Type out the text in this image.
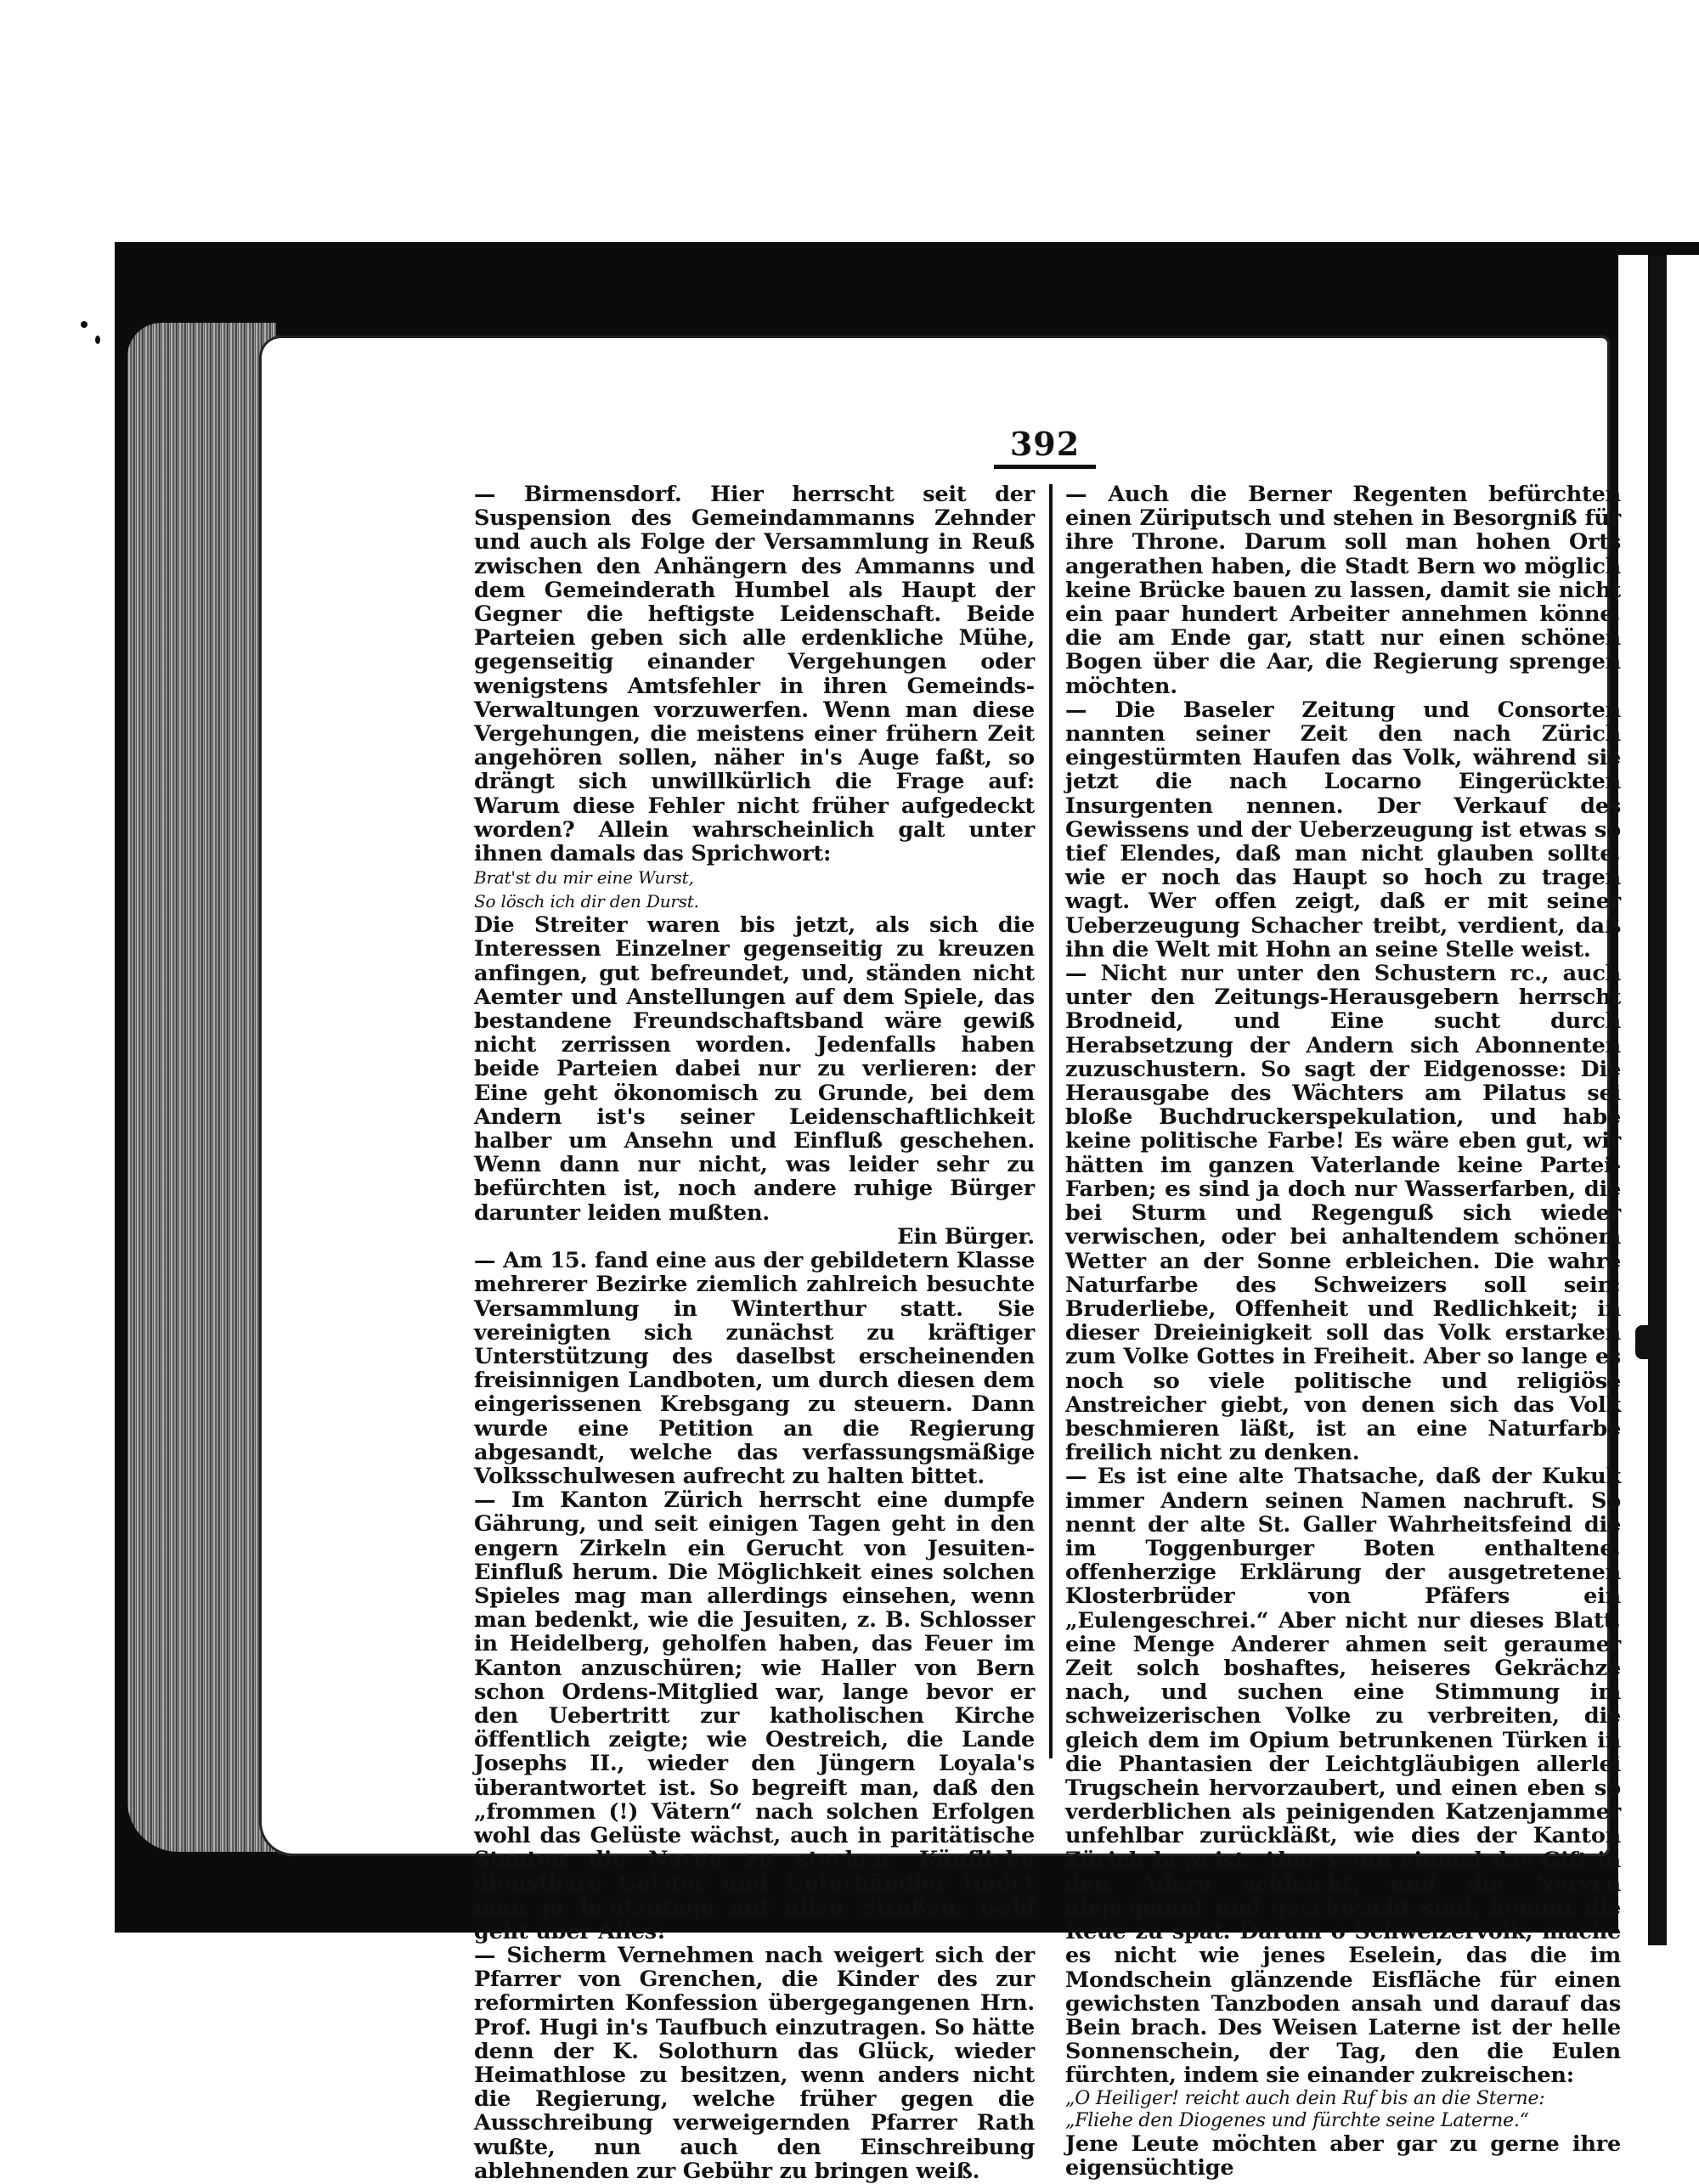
392

— Birmensdorf. Hier herrscht seit der Suspension des Gemeindammanns Zehnder und auch als Folge der Versammlung in Reuß zwischen den Anhängern des Ammanns und dem Gemeinderath Humbel als Haupt der Gegner die heftigste Leidenschaft. Beide Parteien geben sich alle erdenkliche Mühe, gegenseitig einander Vergehungen oder wenigstens Amtsfehler in ihren Gemeinds-Verwaltungen vorzuwerfen. Wenn man diese Vergehungen, die meistens einer frühern Zeit angehören sollen, näher in's Auge faßt, so drängt sich unwillkürlich die Frage auf: Warum diese Fehler nicht früher aufgedeckt worden? Allein wahrscheinlich galt unter ihnen damals das Sprichwort:

Brat'st du mir eine Wurst,

So lösch ich dir den Durst.

Die Streiter waren bis jetzt, als sich die Interessen Einzelner gegenseitig zu kreuzen anfingen, gut befreundet, und, ständen nicht Aemter und Anstellungen auf dem Spiele, das bestandene Freundschaftsband wäre gewiß nicht zerrissen worden. Jedenfalls haben beide Parteien dabei nur zu verlieren: der Eine geht ökonomisch zu Grunde, bei dem Andern ist's seiner Leidenschaftlichkeit halber um Ansehn und Einfluß geschehen. Wenn dann nur nicht, was leider sehr zu befürchten ist, noch andere ruhige Bürger darunter leiden mußten.

Ein Bürger.

— Am 15. fand eine aus der gebildetern Klasse mehrerer Bezirke ziemlich zahlreich besuchte Versammlung in Winterthur statt. Sie vereinigten sich zunächst zu kräftiger Unterstützung des daselbst erscheinenden freisinnigen Landboten, um durch diesen dem eingerissenen Krebsgang zu steuern. Dann wurde eine Petition an die Regierung abgesandt, welche das verfassungsmäßige Volksschulwesen aufrecht zu halten bittet.

— Im Kanton Zürich herrscht eine dumpfe Gährung, und seit einigen Tagen geht in den engern Zirkeln ein Gerucht von Jesuiten-Einfluß herum. Die Möglichkeit eines solchen Spieles mag man allerdings einsehen, wenn man bedenkt, wie die Jesuiten, z. B. Schlosser in Heidelberg, geholfen haben, das Feuer im Kanton anzuschüren; wie Haller von Bern schon Ordens-Mitglied war, lange bevor er den Uebertritt zur katholischen Kirche öffentlich zeigte; wie Oestreich, die Lande Josephs II., wieder den Jüngern Loyala's überantwortet ist. So begreift man, daß den „frommen (!) Vätern“ nach solchen Erfolgen wohl das Gelüste wächst, auch in paritätische Staaten die Nasen zu stecken. Käufliche dienstbare Geister und Unterhändler findet man ja heutzutage auf allen Straßen. Geld geht über Alles!

— Sicherm Vernehmen nach weigert sich der Pfarrer von Grenchen, die Kinder des zur reformirten Konfession übergegangenen Hrn. Prof. Hugi in's Taufbuch einzutragen. So hätte denn der K. Solothurn das Glück, wieder Heimathlose zu besitzen, wenn anders nicht die Regierung, welche früher gegen die Ausschreibung verweigernden Pfarrer Rath wußte, nun auch den Einschreibung ablehnenden zur Gebühr zu bringen weiß.

— Auch die Berner Regenten befürchten einen Züriputsch und stehen in Besorgniß für ihre Throne. Darum soll man hohen Orts angerathen haben, die Stadt Bern wo möglich keine Brücke bauen zu lassen, damit sie nicht ein paar hundert Arbeiter annehmen könne, die am Ende gar, statt nur einen schönen Bogen über die Aar, die Regierung sprengen möchten.

— Die Baseler Zeitung und Consorten nannten seiner Zeit den nach Zürich eingestürmten Haufen das Volk, während sie jetzt die nach Locarno Eingerückten Insurgenten nennen. Der Verkauf des Gewissens und der Ueberzeugung ist etwas so tief Elendes, daß man nicht glauben sollte, wie er noch das Haupt so hoch zu tragen wagt. Wer offen zeigt, daß er mit seiner Ueberzeugung Schacher treibt, verdient, daß ihn die Welt mit Hohn an seine Stelle weist.

— Nicht nur unter den Schustern rc., auch unter den Zeitungs-Herausgebern herrscht Brodneid, und Eine sucht durch Herabsetzung der Andern sich Abonnenten zuzuschustern. So sagt der Eidgenosse: Die Herausgabe des Wächters am Pilatus sei bloße Buchdruckerspekulation, und habe keine politische Farbe! Es wäre eben gut, wir hätten im ganzen Vaterlande keine Partei-Farben; es sind ja doch nur Wasserfarben, die bei Sturm und Regenguß sich wieder verwischen, oder bei anhaltendem schönem Wetter an der Sonne erbleichen. Die wahre Naturfarbe des Schweizers soll sein: Bruderliebe, Offenheit und Redlichkeit; in dieser Dreieinigkeit soll das Volk erstarken zum Volke Gottes in Freiheit. Aber so lange es noch so viele politische und religiöse Anstreicher giebt, von denen sich das Volk beschmieren läßt, ist an eine Naturfarbe freilich nicht zu denken.

— Es ist eine alte Thatsache, daß der Kukuk immer Andern seinen Namen nachruft. So nennt der alte St. Galler Wahrheitsfeind die im Toggenburger Boten enthaltene, offenherzige Erklärung der ausgetretenen Klosterbrüder von Pfäfers ein „Eulengeschrei.“ Aber nicht nur dieses Blatt, eine Menge Anderer ahmen seit geraumer Zeit solch boshaftes, heiseres Gekrächze nach, und suchen eine Stimmung im schweizerischen Volke zu verbreiten, die gleich dem im Opium betrunkenen Türken in die Phantasien der Leichtgläubigen allerlei Trugschein hervorzaubert, und einen eben so verderblichen als peinigenden Katzenjammer unfehlbar zurückläßt, wie dies der Kanton Zürich beweist. Aber wenn einmal das Gift in den Adern schleicht, und die Nerven abgespannt und geschwächt sind, kommt die Reue zu spät. Darum o Schweizervolk, mache es nicht wie jenes Eselein, das die im Mondschein glänzende Eisfläche für einen gewichsten Tanzboden ansah und darauf das Bein brach. Des Weisen Laterne ist der helle Sonnenschein, der Tag, den die Eulen fürchten, indem sie einander zukreischen:

„O Heiliger! reicht auch dein Ruf bis an die Sterne:

„Fliehe den Diogenes und fürchte seine Laterne.“

Jene Leute möchten aber gar zu gerne ihre eigensüchtige
